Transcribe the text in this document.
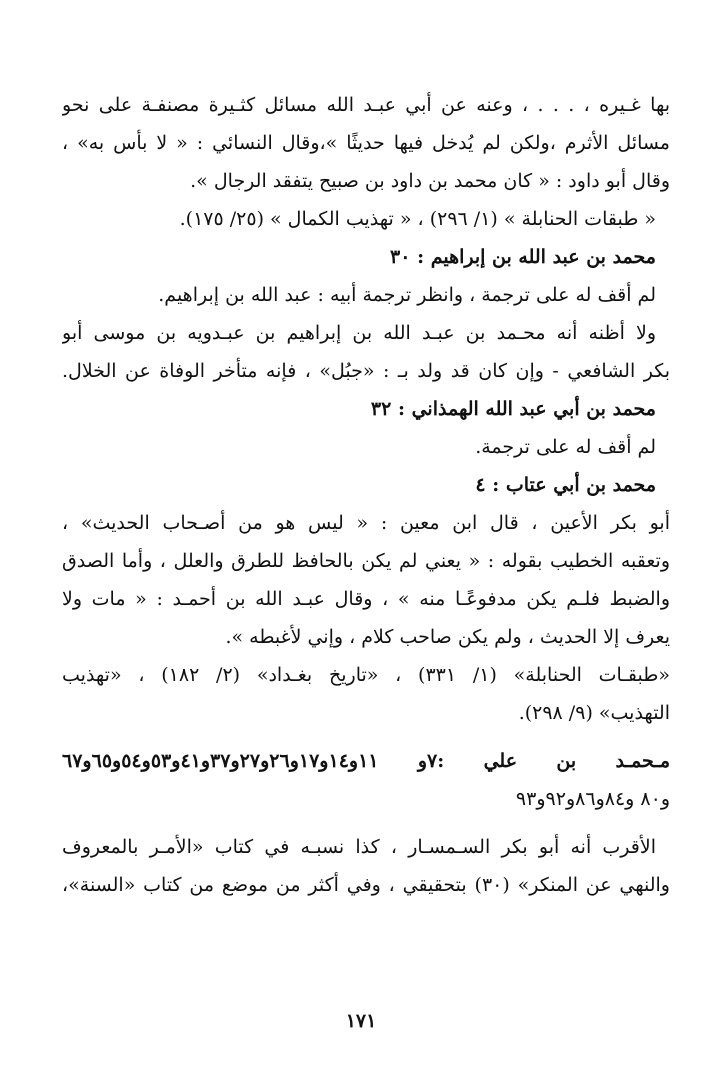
بها غـيره ، . . . ، وعنه عن أبي عبـد الله مسائل كثـيرة مصنفـة على نحو
مسائل الأثرم ،ولكن لم يُدخل فيها حديثًا »،وقال النسائي : « لا بأس به» ،
وقال أبو داود : « كان محمد بن داود بن صبيح يتفقد الرجال ».
« طبقات الحنابلة » (١/ ٢٩٦) ، « تهذيب الكمال » (٢٥/ ١٧٥).
محمد بن عبد الله بن إبراهيم : ٣٠
لم أقف له على ترجمة ، وانظر ترجمة أبيه : عبد الله بن إبراهيم.
ولا أظنه أنه محـمد بن عبـد الله بن إبراهيم بن عبـدويه بن موسى أبو
بكر الشافعي - وإن كان قد ولد بـ : «جبُل» ، فإنه متأخر الوفاة عن الخلال.
محمد بن أبي عبد الله الهمذاني : ٣٢
لم أقف له على ترجمة.
محمد بن أبي عتاب : ٤
أبو بكر الأعين ، قال ابن معين : « ليس هو من أصـحاب الحديث» ،
وتعقبه الخطيب بقوله : « يعني لم يكن بالحافظ للطرق والعلل ، وأما الصدق
والضبط فلـم يكن مدفوعًـا منه » ، وقال عبـد الله بن أحمـد : « مات ولا
يعرف إلا الحديث ، ولم يكن صاحب كلام ، وإني لأغبطه ».
«طبقـات الحنابلة» (١/ ٣٣١) ، «تاريخ بغـداد» (٢/ ١٨٢) ، «تهذيب
التهذيب» (٩/ ٢٩٨).
مـحمـد بن علي :٧و ١١و١٤و١٧و٢٦و٢٧و٣٧و٤١و٥٣و٥٤و٦٥و٦٧
و٨٠ و٨٤و٨٦و٩٢و٩٣
الأقرب أنه أبو بكر السـمسـار ، كذا نسبـه في كتاب «الأمـر بالمعروف
والنهي عن المنكر» (٣٠) بتحقيقي ، وفي أكثر من موضع من كتاب «السنة»،
١٧١
